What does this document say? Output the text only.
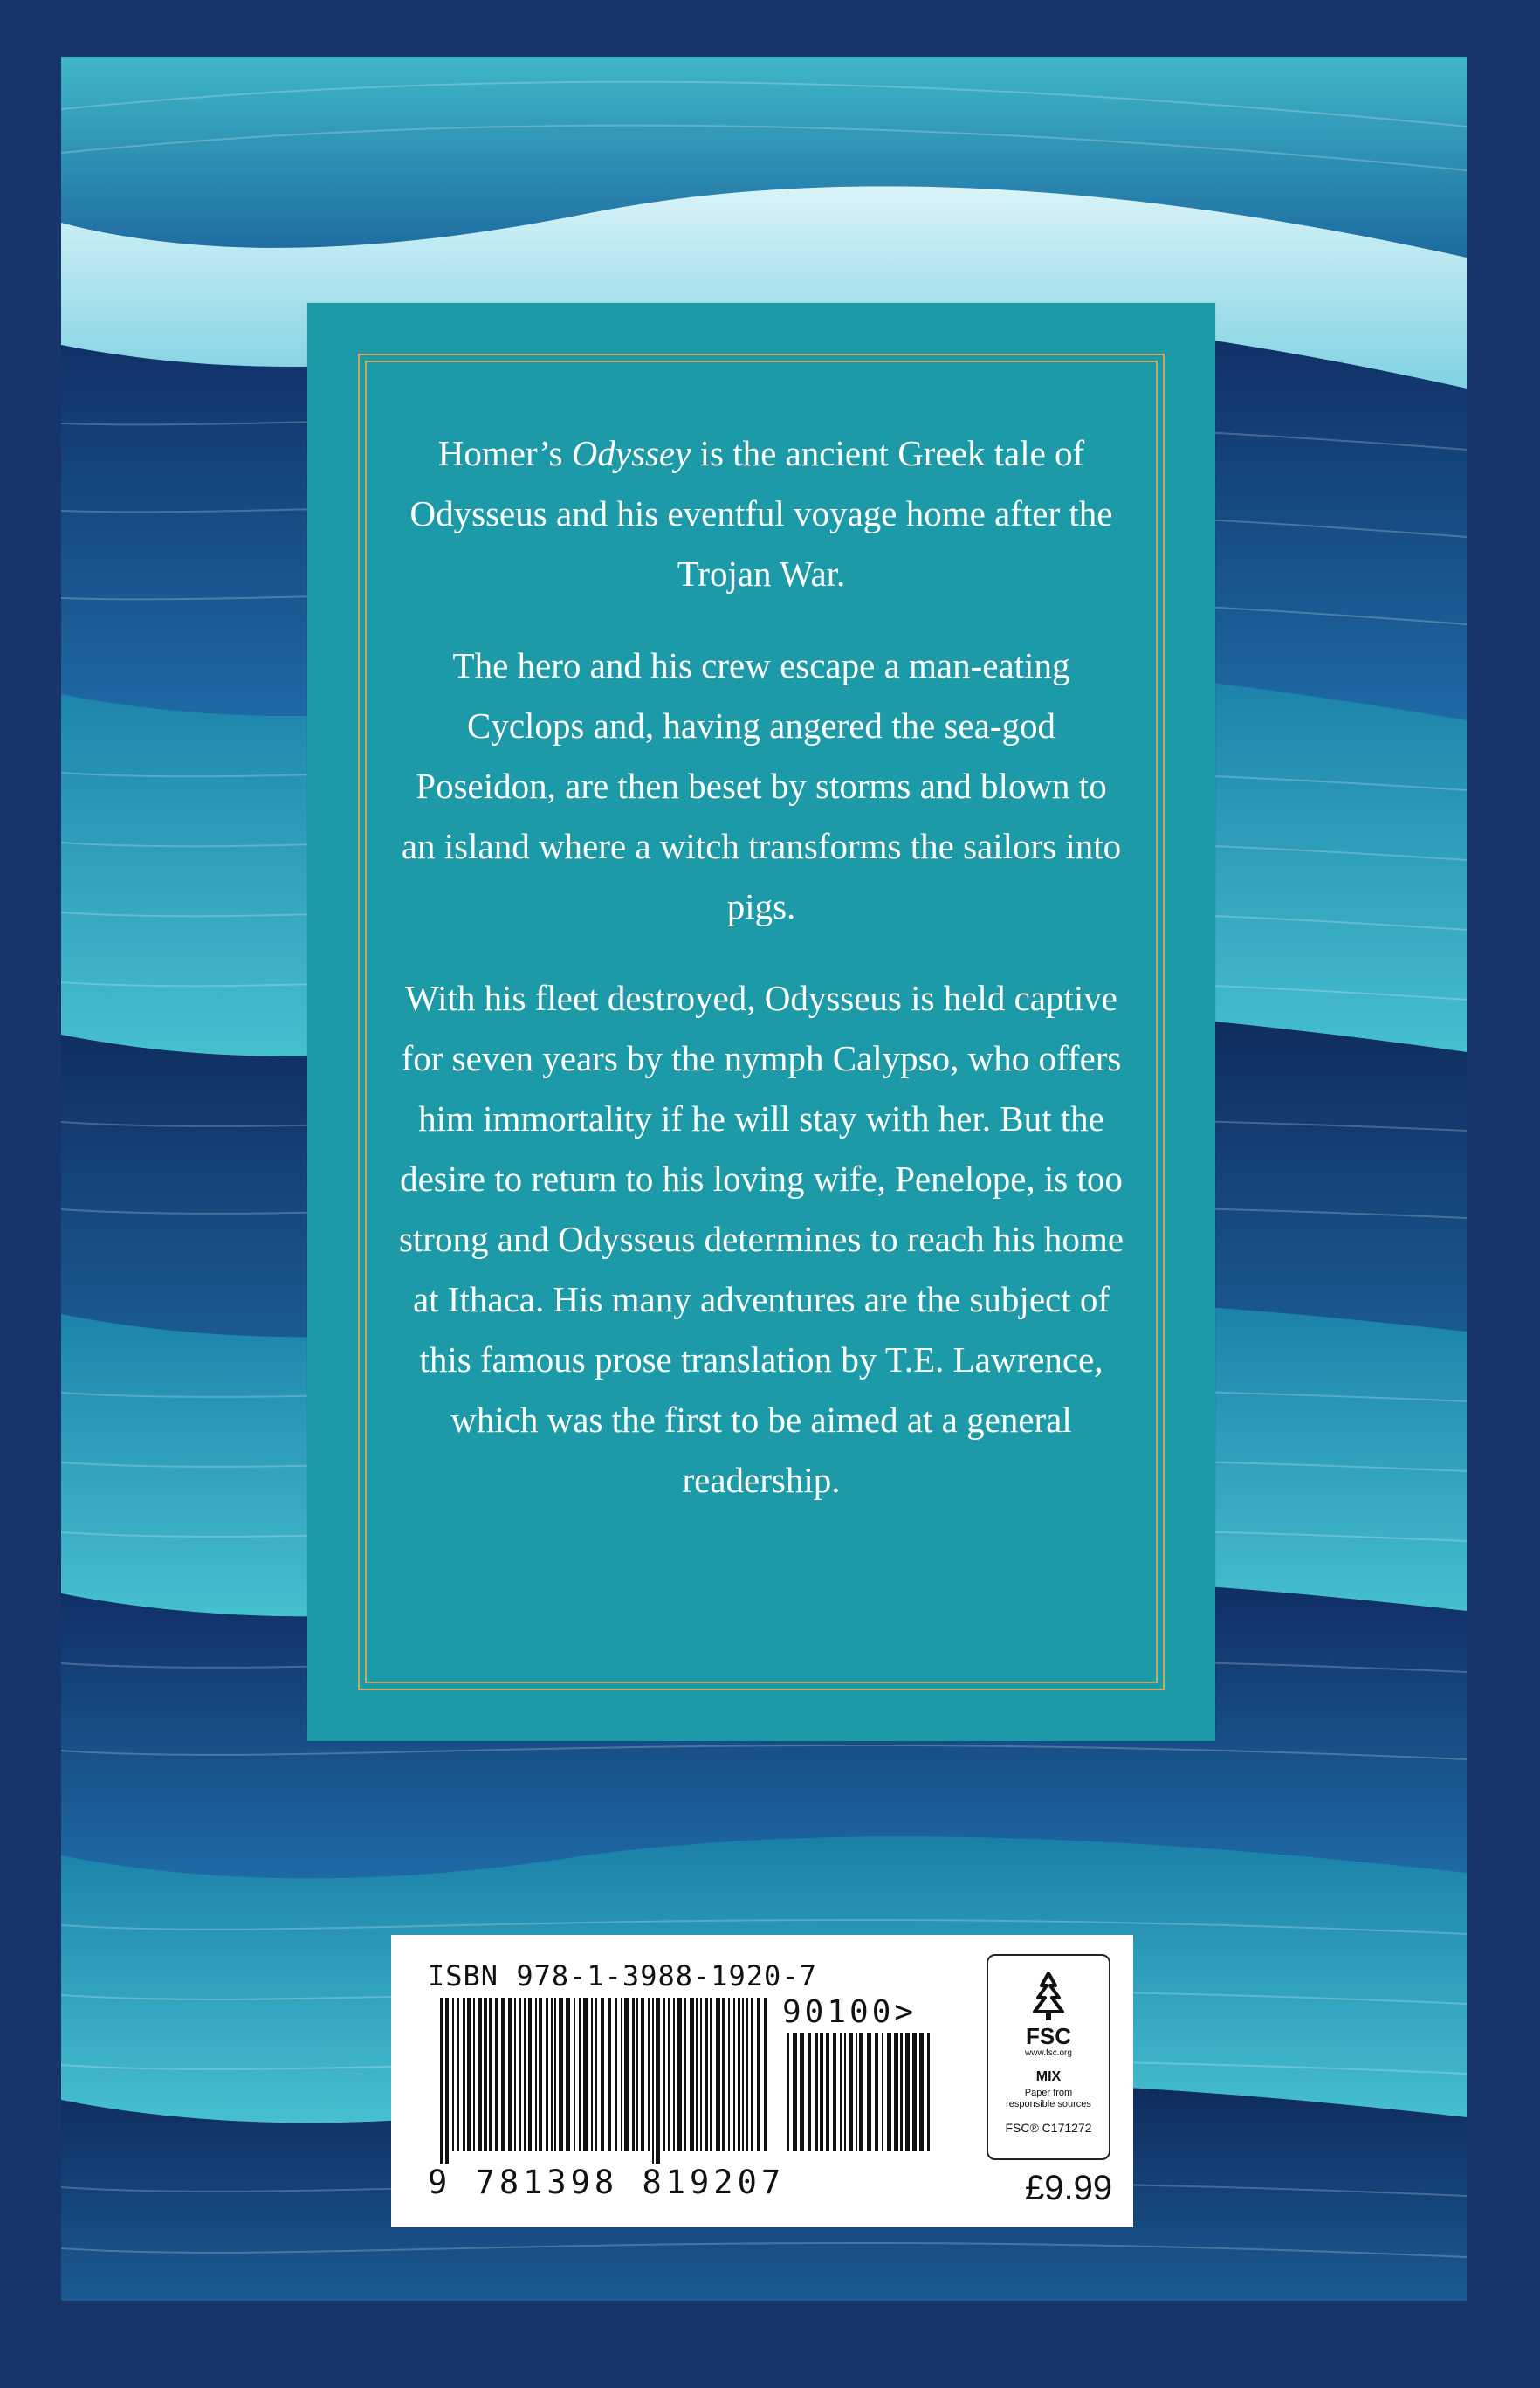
Homer’s Odyssey is the ancient Greek tale of Odysseus and his eventful voyage home after the Trojan War.

The hero and his crew escape a man-eating Cyclops and, having angered the sea-god Poseidon, are then beset by storms and blown to an island where a witch transforms the sailors into pigs.

With his fleet destroyed, Odysseus is held captive for seven years by the nymph Calypso, who offers him immortality if he will stay with her. But the desire to return to his loving wife, Penelope, is too strong and Odysseus determines to reach his home at Ithaca. His many adventures are the subject of this famous prose translation by T.E. Lawrence, which was the first to be aimed at a general readership.

ISBN 978-1-3988-1920-7
9 781398 819207
90100>
FSC
www.fsc.org
MIX
Paper from
responsible sources
FSC® C171272
£9.99
